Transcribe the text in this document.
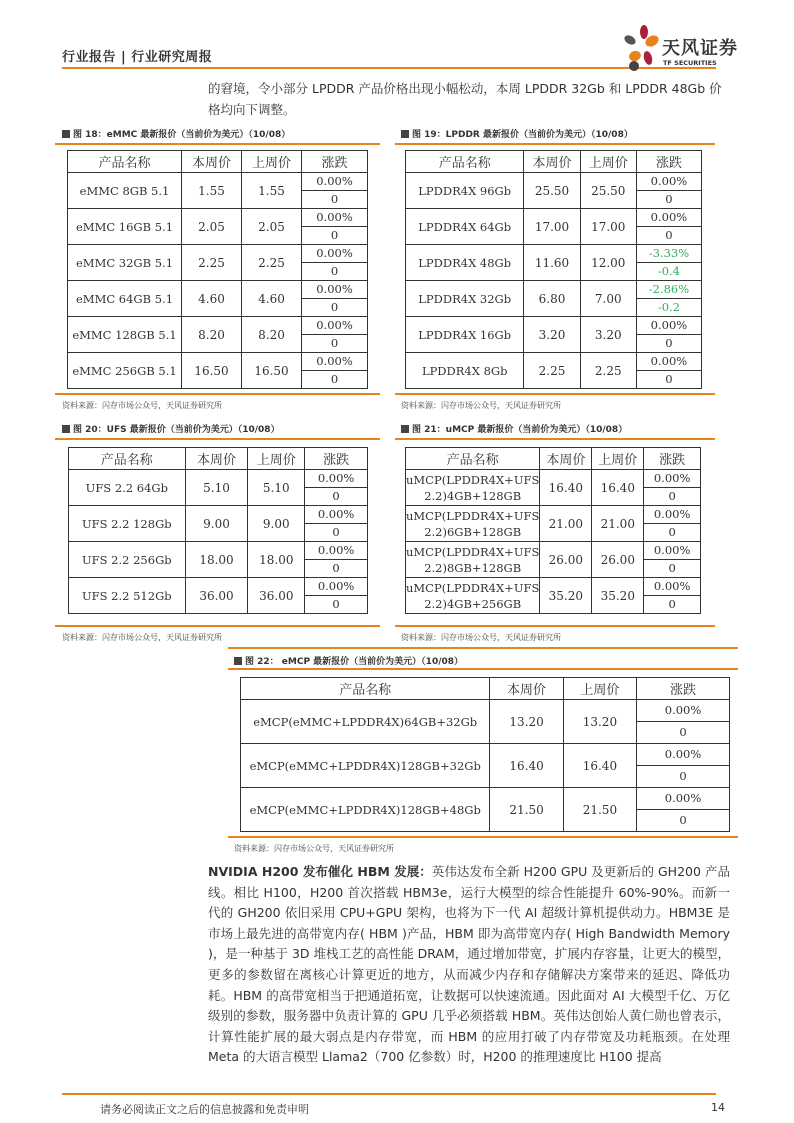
行业报告 | 行业研究周报	天风证券
TF SECURITIES
的窘境，令小部分 LPDDR 产品价格出现小幅松动，本周 LPDDR 32Gb 和 LPDDR 48Gb 价格均向下调整。
图 18：eMMC 最新报价（当前价为美元）（10/08）
产品名称	本周价	上周价	涨跌
eMMC 8GB 5.1	1.55	1.55	0.00%
			0
eMMC 16GB 5.1	2.05	2.05	0.00%
			0
eMMC 32GB 5.1	2.25	2.25	0.00%
			0
eMMC 64GB 5.1	4.60	4.60	0.00%
			0
eMMC 128GB 5.1	8.20	8.20	0.00%
			0
eMMC 256GB 5.1	16.50	16.50	0.00%
			0
资料来源：闪存市场公众号，天风证券研究所
图 19：LPDDR 最新报价（当前价为美元）（10/08）
产品名称	本周价	上周价	涨跌
LPDDR4X 96Gb	25.50	25.50	0.00%
			0
LPDDR4X 64Gb	17.00	17.00	0.00%
			0
LPDDR4X 48Gb	11.60	12.00	-3.33%
			-0.4
LPDDR4X 32Gb	6.80	7.00	-2.86%
			-0.2
LPDDR4X 16Gb	3.20	3.20	0.00%
			0
LPDDR4X 8Gb	2.25	2.25	0.00%
			0
资料来源：闪存市场公众号，天风证券研究所
图 20：UFS 最新报价（当前价为美元）（10/08）
产品名称	本周价	上周价	涨跌
UFS 2.2 64Gb	5.10	5.10	0.00%
			0
UFS 2.2 128Gb	9.00	9.00	0.00%
			0
UFS 2.2 256Gb	18.00	18.00	0.00%
			0
UFS 2.2 512Gb	36.00	36.00	0.00%
			0
资料来源：闪存市场公众号，天风证券研究所
图 21：uMCP 最新报价（当前价为美元）（10/08）
产品名称	本周价	上周价	涨跌

uMCP(LPDDR4X+UFS
2.2)4GB+128GB	16.40	16.40	0.00%
			0

uMCP(LPDDR4X+UFS
2.2)6GB+128GB	21.00	21.00	0.00%
			0

uMCP(LPDDR4X+UFS
2.2)8GB+128GB	26.00	26.00	0.00%
			0

uMCP(LPDDR4X+UFS
2.2)4GB+256GB	35.20	35.20	0.00%
			0
资料来源：闪存市场公众号，天风证券研究所
图 22： eMCP 最新报价（当前价为美元）（10/08）
产品名称	本周价	上周价	涨跌
eMCP(eMMC+LPDDR4X)64GB+32Gb	13.20	13.20	0.00%
			0
eMCP(eMMC+LPDDR4X)128GB+32Gb	16.40	16.40	0.00%
			0
eMCP(eMMC+LPDDR4X)128GB+48Gb	21.50	21.50	0.00%
			0
资料来源：闪存市场公众号，天风证券研究所
NVIDIA H200 发布催化 HBM 发展：英伟达发布全新 H200 GPU 及更新后的 GH200 产品线。相比 H100，H200 首次搭载 HBM3e，运行大模型的综合性能提升 60%-90%。而新一代的 GH200 依旧采用 CPU+GPU 架构，也将为下一代 AI 超级计算机提供动力。HBM3E 是市场上最先进的高带宽内存( HBM )产品，HBM 即为高带宽内存( High Bandwidth Memory )，是一种基于 3D 堆栈工艺的高性能 DRAM，通过增加带宽，扩展内存容量，让更大的模型，更多的参数留在离核心计算更近的地方，从而减少内存和存储解决方案带来的延迟、降低功耗。HBM 的高带宽相当于把通道拓宽，让数据可以快速流通。因此面对 AI 大模型千亿、万亿级别的参数，服务器中负责计算的 GPU 几乎必须搭载 HBM。英伟达创始人黄仁勋也曾表示，计算性能扩展的最大弱点是内存带宽，而 HBM 的应用打破了内存带宽及功耗瓶颈。在处理 Meta 的大语言模型 Llama2（700 亿参数）时，H200 的推理速度比 H100 提高
请务必阅读正文之后的信息披露和免责申明	14
